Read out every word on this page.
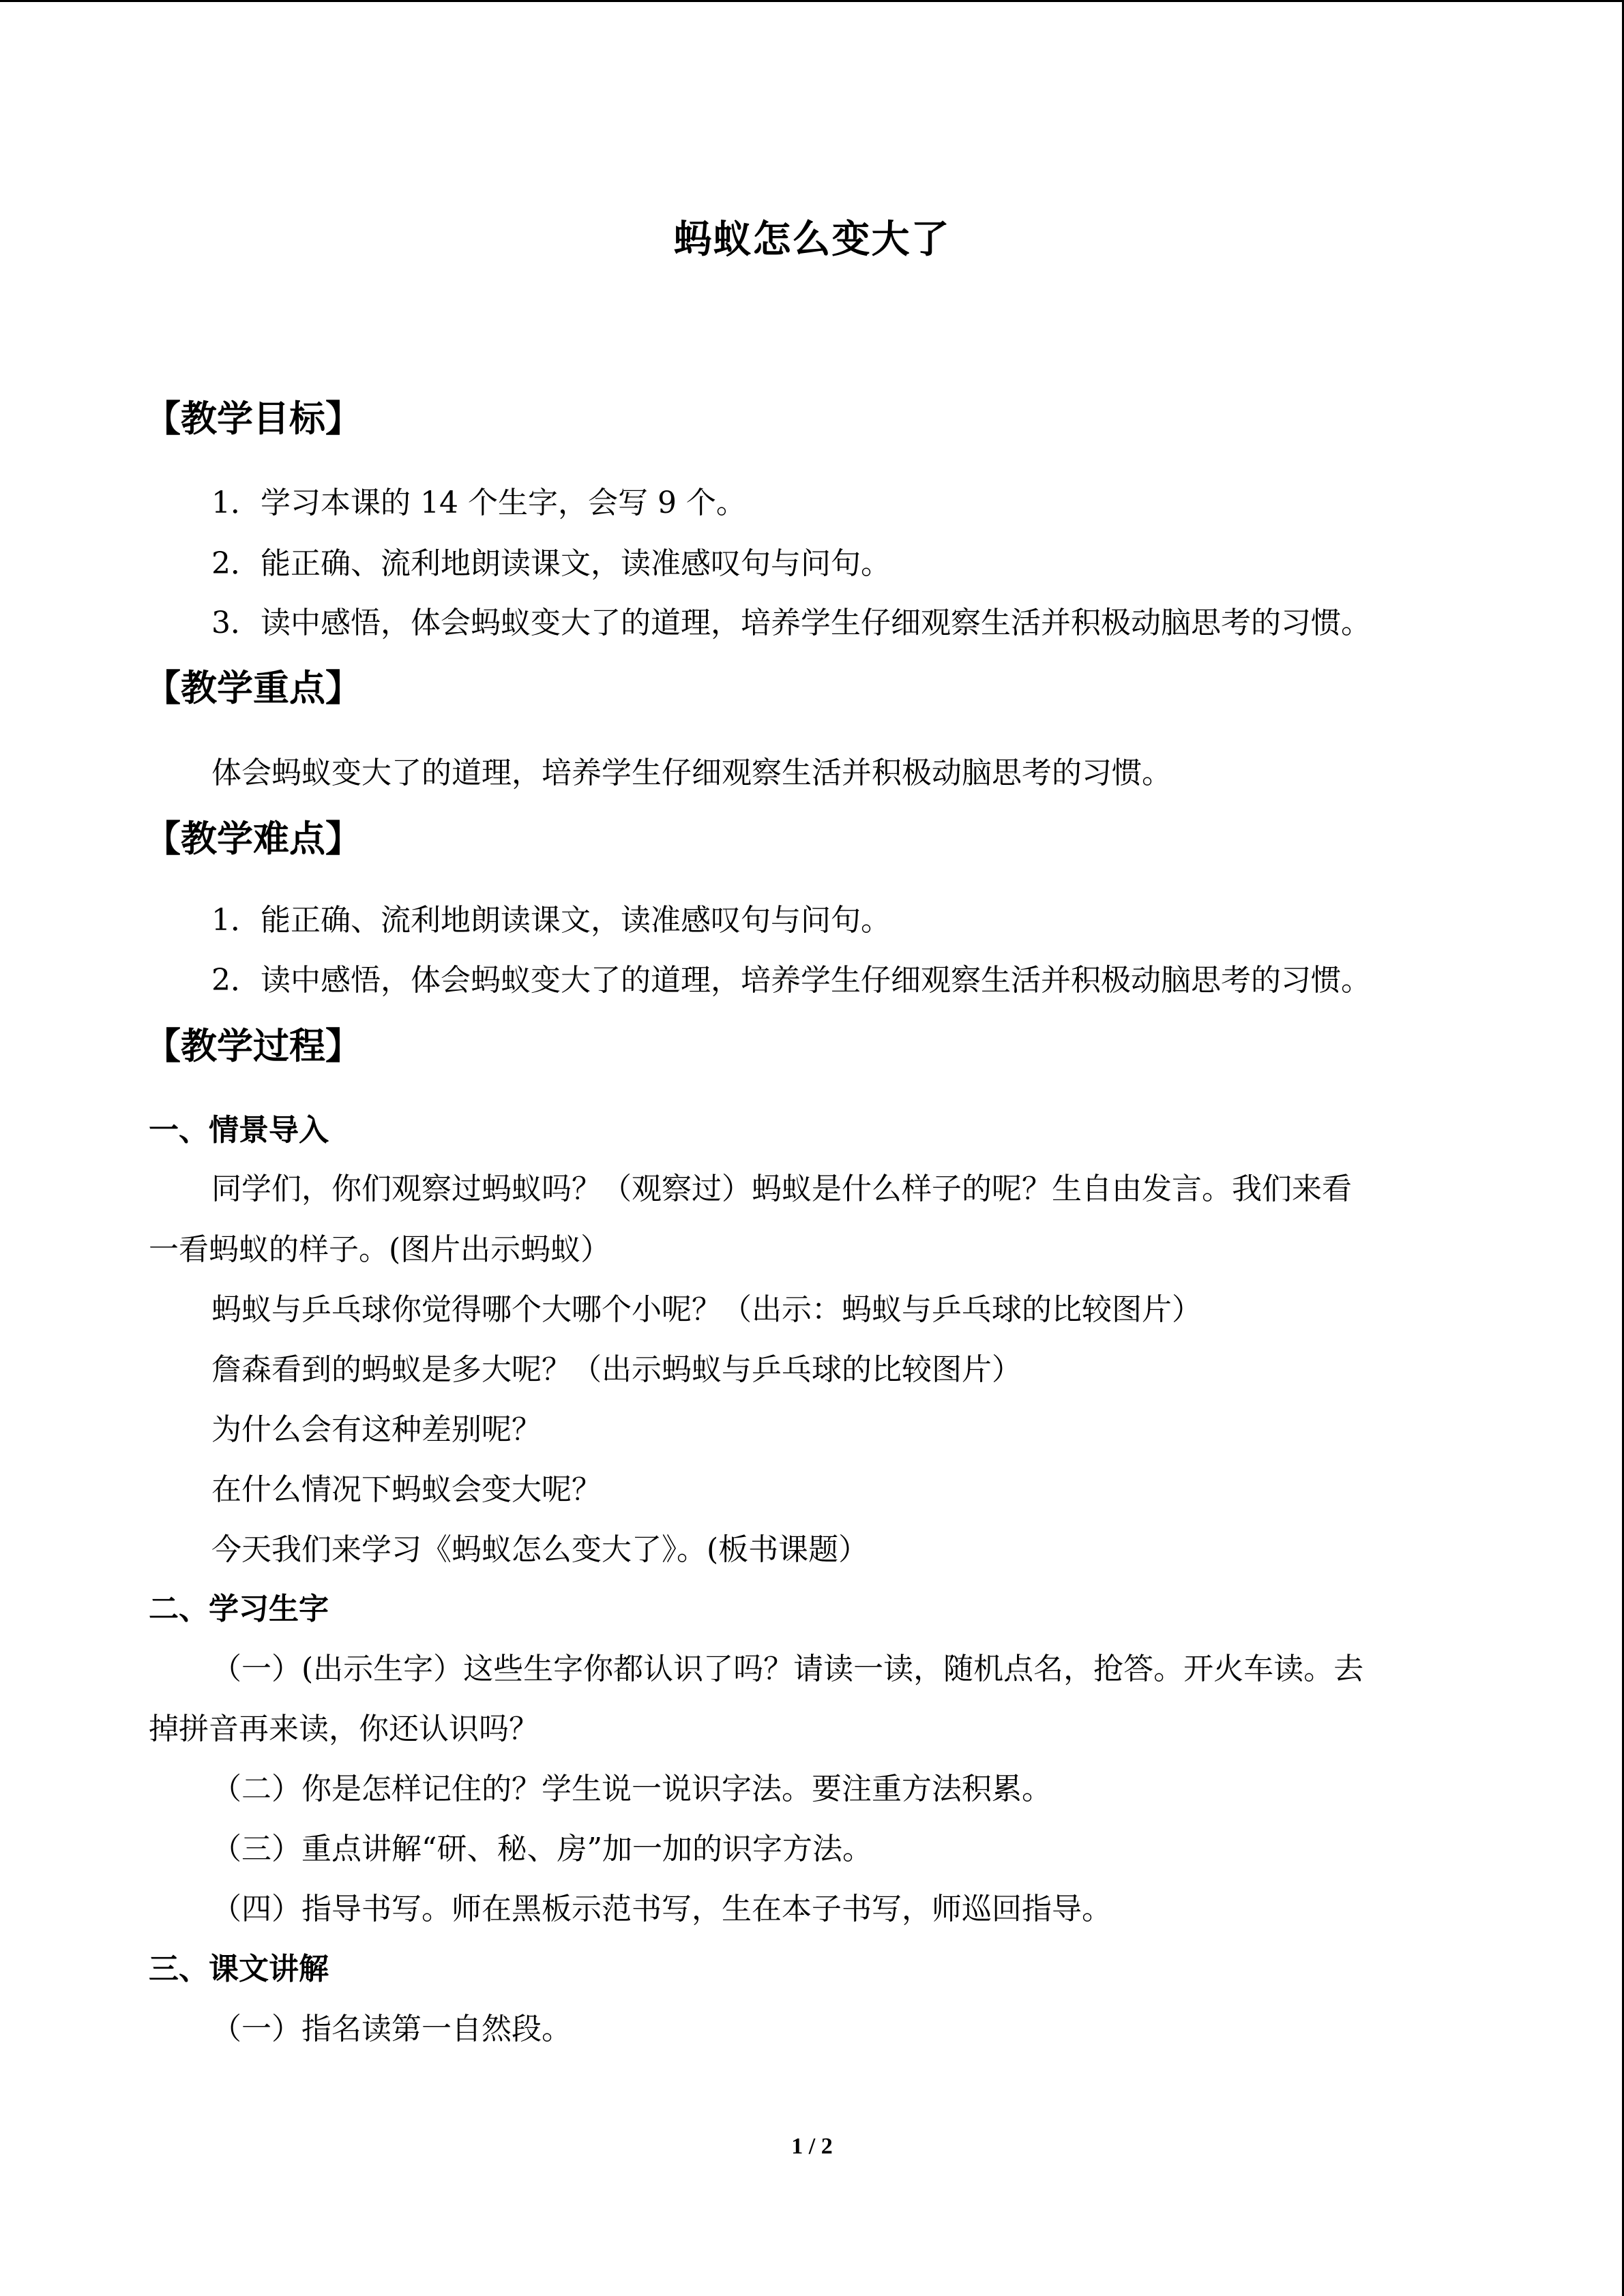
蚂蚁怎么变大了
【教学目标】
1．学习本课的 14 个生字，会写 9 个。
2．能正确、流利地朗读课文，读准感叹句与问句。
3．读中感悟，体会蚂蚁变大了的道理，培养学生仔细观察生活并积极动脑思考的习惯。
【教学重点】
体会蚂蚁变大了的道理，培养学生仔细观察生活并积极动脑思考的习惯。
【教学难点】
1．能正确、流利地朗读课文，读准感叹句与问句。
2．读中感悟，体会蚂蚁变大了的道理，培养学生仔细观察生活并积极动脑思考的习惯。
【教学过程】
一、情景导入
同学们，你们观察过蚂蚁吗？（观察过）蚂蚁是什么样子的呢？生自由发言。我们来看
一看蚂蚁的样子。(图片出示蚂蚁）
蚂蚁与乒乓球你觉得哪个大哪个小呢？（出示：蚂蚁与乒乓球的比较图片）
詹森看到的蚂蚁是多大呢？（出示蚂蚁与乒乓球的比较图片）
为什么会有这种差别呢？
在什么情况下蚂蚁会变大呢？
今天我们来学习《蚂蚁怎么变大了》。(板书课题）
二、学习生字
（一）(出示生字）这些生字你都认识了吗？请读一读，随机点名，抢答。开火车读。去
掉拼音再来读，你还认识吗？
（二）你是怎样记住的？学生说一说识字法。要注重方法积累。
（三）重点讲解“研、秘、房”加一加的识字方法。
（四）指导书写。师在黑板示范书写，生在本子书写，师巡回指导。
三、课文讲解
（一）指名读第一自然段。
1 / 2
